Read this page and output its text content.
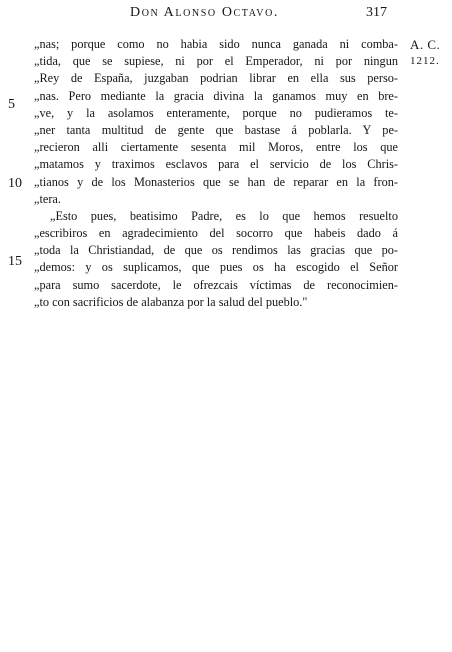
Don Alonso Octavo.	317
A. C.
1212.
5
10
15
„nas; porque como no habia sido nunca ganada ni comba-
„tida, que se supiese, ni por el Emperador, ni por ningun
„Rey de España, juzgaban podrian librar en ella sus perso-
„nas. Pero mediante la gracia divina la ganamos muy en bre-
„ve, y la asolamos enteramente, porque no pudieramos te-
„ner tanta multitud de gente que bastase á poblarla. Y pe-
„recieron alli ciertamente sesenta mil Moros, entre los que
„matamos y traximos esclavos para el servicio de los Chris-
„tianos y de los Monasterios que se han de reparar en la fron-
„tera.
„Esto pues, beatisimo Padre, es lo que hemos resuelto
„escribiros en agradecimiento del socorro que habeis dado á
„toda la Christiandad, de que os rendimos las gracias que po-
„demos: y os suplicamos, que pues os ha escogido el Señor
„para sumo sacerdote, le ofrezcais víctimas de reconocimien-
„to con sacrificios de alabanza por la salud del pueblo."
